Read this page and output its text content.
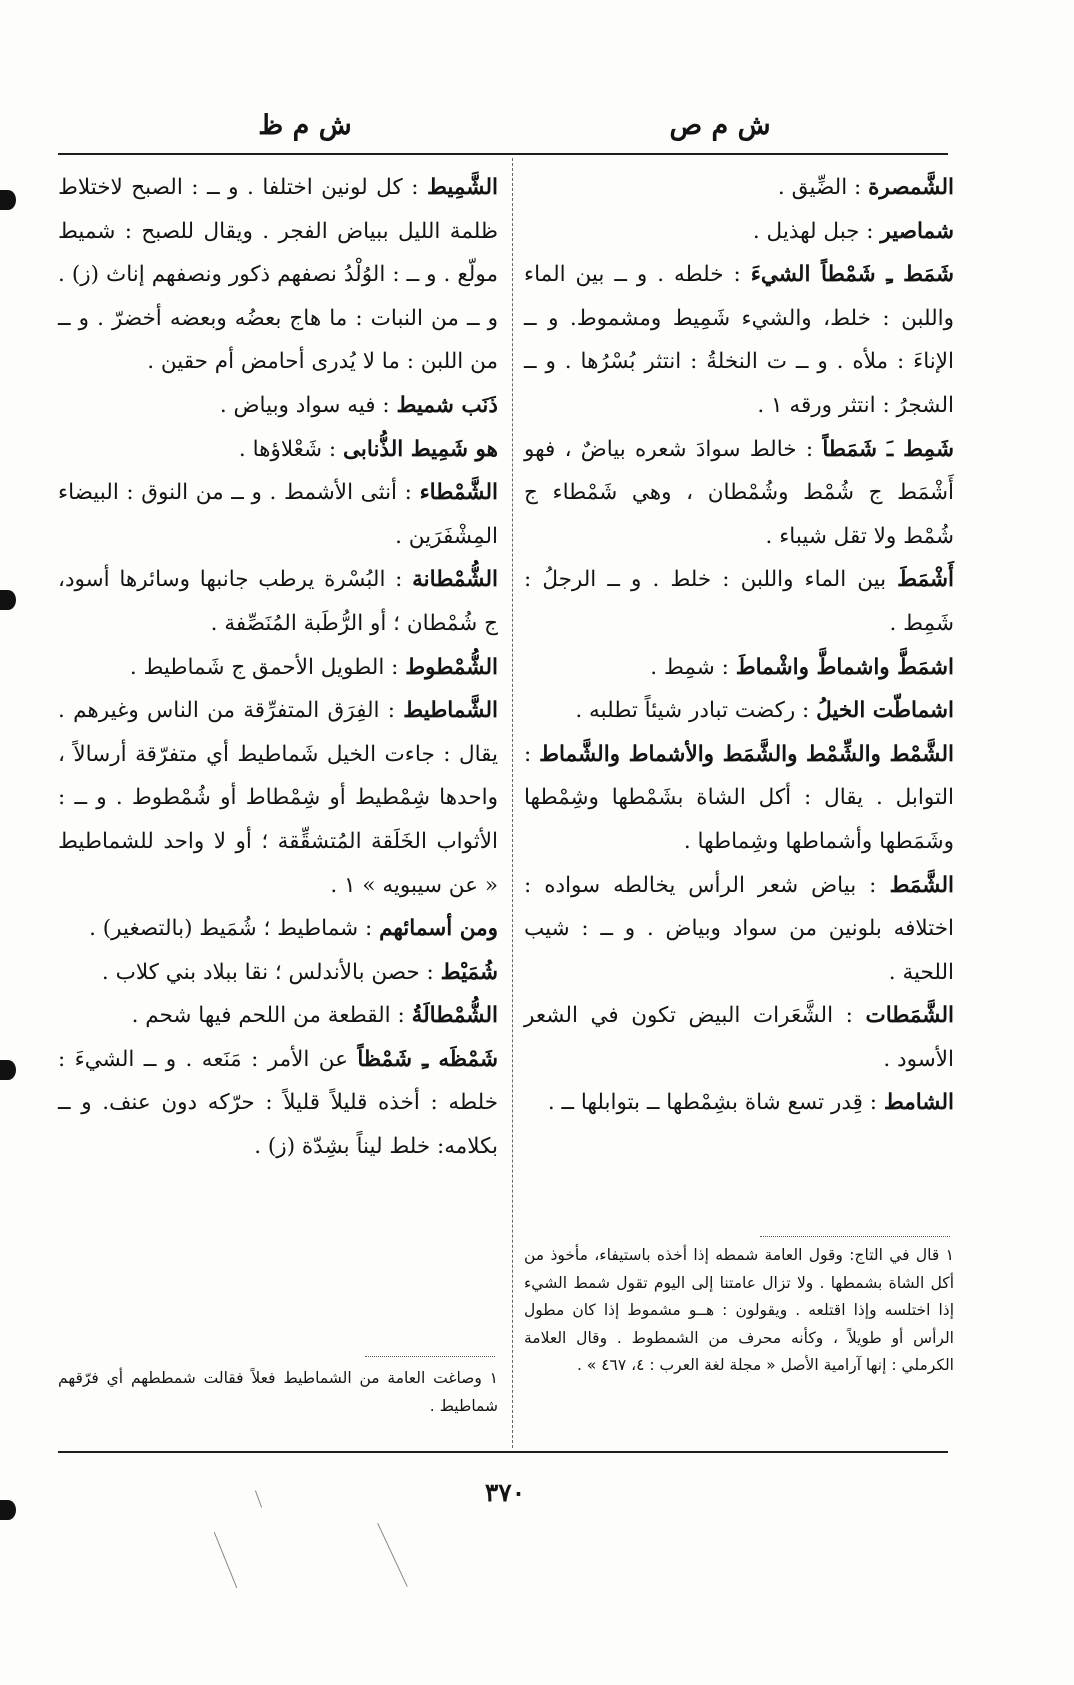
ش م ظ	ش م ص

الشَّمصرة : الضِّيق .

شماصير : جبل لهذيل .

شَمَط ـِ شَمْطاً الشيءَ : خلطه . و ــ بين الماء واللبن : خلط، والشيء شَمِيط ومشموط. و ــ الإناءَ : ملأه . و ــ ت النخلةُ : انتثر بُسْرُها . و ــ الشجرُ : انتثر ورقه ١ .

شَمِط ـَ شَمَطاً : خالط سوادَ شعره بياضٌ ، فهو أَشْمَط ج شُمْط وشُمْطان ، وهي شَمْطاء ج شُمْط ولا تقل شيباء .

أَشْمَطَ بين الماء واللبن : خلط . و ــ الرجلُ : شَمِط .

اشمَطَّ واشماطَّ واشْماطَ : شمِط .

اشماطّت الخيلُ : ركضت تبادر شيئاً تطلبه .

الشَّمْط والشِّمْط والشَّمَط والأشماط والشَّماط : التوابل . يقال : أكل الشاة بشَمْطها وشِمْطها وشَمَطها وأشماطها وشِماطها .

الشَّمَط : بياض شعر الرأس يخالطه سواده : اختلافه بلونين من سواد وبياض . و ــ : شيب اللحية .

الشَّمَطات : الشَّعَرات البيض تكون في الشعر الأسود .

الشامط : قِدر تسع شاة بشِمْطها ــ بتوابلها ــ .

الشَّمِيط : كل لونين اختلفا . و ــ : الصبح لاختلاط ظلمة الليل ببياض الفجر . ويقال للصبح : شميط مولّع . و ــ : الوُلْدُ نصفهم ذكور ونصفهم إناث (ز) . و ــ من النبات : ما هاج بعضُه وبعضه أخضرّ . و ــ من اللبن : ما لا يُدرى أحامض أم حقين .

ذَنَب شميط : فيه سواد وبياض .

هو شَمِيط الذُّنابى : شَعْلاؤها .

الشَّمْطاء : أنثى الأشمط . و ــ من النوق : البيضاء المِشْفَرَين .

الشُّمْطانة : البُسْرة يرطب جانبها وسائرها أسود، ج شُمْطان ؛ أو الرُّطَبة المُنَصِّفة .

الشُّمْطوط : الطويل الأحمق ج شَماطيط .

الشَّماطيط : الفِرَق المتفرِّقة من الناس وغيرهم . يقال : جاءت الخيل شَماطيط أي متفرّقة أرسالاً ، واحدها شِمْطيط أو شِمْطاط أو شُمْطوط . و ــ : الأثواب الخَلَقة المُتشقِّقة ؛ أو لا واحد للشماطيط « عن سيبويه » ١ .

ومن أسمائهم : شماطيط ؛ شُمَيط (بالتصغير) .

شُمَيْط : حصن بالأندلس ؛ نقا ببلاد بني كلاب .

الشُّمْطالَةُ : القطعة من اللحم فيها شحم .

شَمْظَه ـِ شَمْظاً عن الأمر : مَنَعه . و ــ الشيءَ : خلطه : أخذه قليلاً قليلاً : حرّكه دون عنف. و ــ بكلامه: خلط ليناً بشِدّة (ز) .

١ قال في التاج: وقول العامة شمطه إذا أخذه باستيفاء، مأخوذ من أكل الشاة بشمطها . ولا تزال عامتنا إلى اليوم تقول شمط الشيء إذا اختلسه وإذا اقتلعه . ويقولون : هــو مشموط إذا كان مطول الرأس أو طويلاً ، وكأنه محرف من الشمطوط . وقال العلامة الكرملي : إنها آرامية الأصل « مجلة لغة العرب : ٤، ٤٦٧ » .
١ وصاغت العامة من الشماطيط فعلاً فقالت شمططهم أي فرّقهم شماطيط .
٣٧٠
